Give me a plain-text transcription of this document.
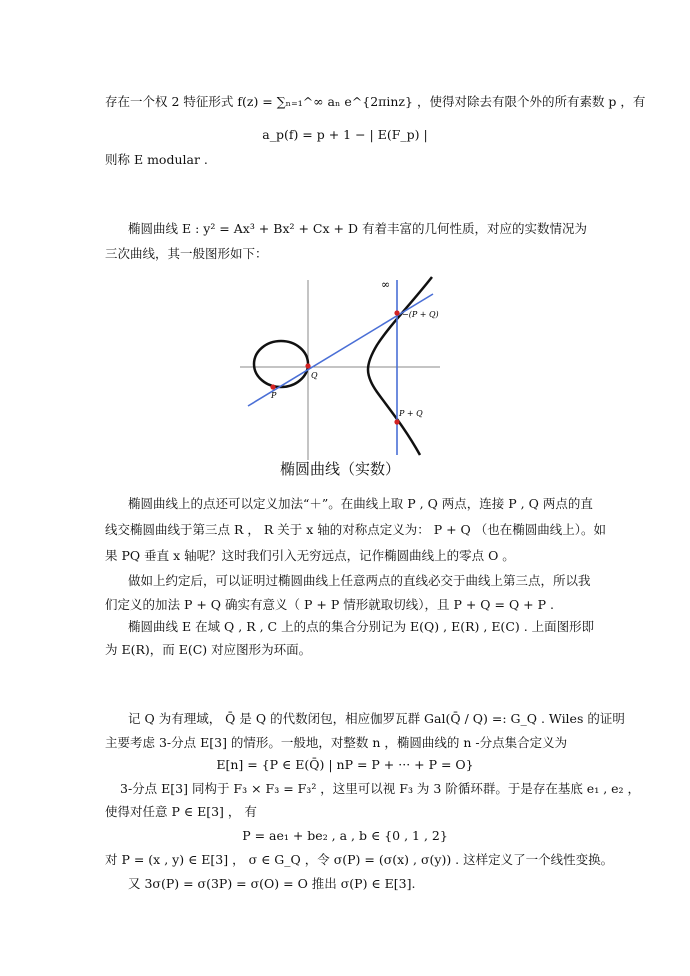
存在一个权 2 特征形式 f(z) = ∑ₙ₌₁^∞ aₙ e^{2πinz} ，使得对除去有限个外的所有素数 p ，有
a_p(f) = p + 1 − | E(F_p) |
则称 E modular .
椭圆曲线 E : y² = Ax³ + Bx² + Cx + D 有着丰富的几何性质，对应的实数情况为
三次曲线，其一般图形如下：
∞
−(P + Q)
Q
P
P + Q
椭圆曲线（实数）
椭圆曲线上的点还可以定义加法“＋”。在曲线上取 P , Q 两点，连接 P , Q 两点的直
线交椭圆曲线于第三点 R ， R 关于 x 轴的对称点定义为： P + Q （也在椭圆曲线上）。如
果 PQ 垂直 x 轴呢？这时我们引入无穷远点，记作椭圆曲线上的零点 O 。
做如上约定后，可以证明过椭圆曲线上任意两点的直线必交于曲线上第三点，所以我
们定义的加法 P + Q 确实有意义（ P + P 情形就取切线），且 P + Q = Q + P .
椭圆曲线 E 在域 Q , R , C 上的点的集合分别记为 E(Q) , E(R) , E(C) . 上面图形即
为 E(R)，而 E(C) 对应图形为环面。
记 Q 为有理域， Q̄ 是 Q 的代数闭包，相应伽罗瓦群 Gal(Q̄ / Q) =: G_Q . Wiles 的证明
主要考虑 3-分点 E[3] 的情形。一般地，对整数 n ，椭圆曲线的 n -分点集合定义为
E[n] = {P ∈ E(Q̄) | nP = P + ··· + P = O}
3-分点 E[3] 同构于 F₃ × F₃ = F₃² ，这里可以视 F₃ 为 3 阶循环群。于是存在基底 e₁ , e₂ ，
使得对任意 P ∈ E[3] ， 有
P = ae₁ + be₂ , a , b ∈ {0 , 1 , 2}
对 P = (x , y) ∈ E[3] ， σ ∈ G_Q ，令 σ(P) = (σ(x) , σ(y)) . 这样定义了一个线性变换。
又 3σ(P) = σ(3P) = σ(O) = O 推出 σ(P) ∈ E[3].
